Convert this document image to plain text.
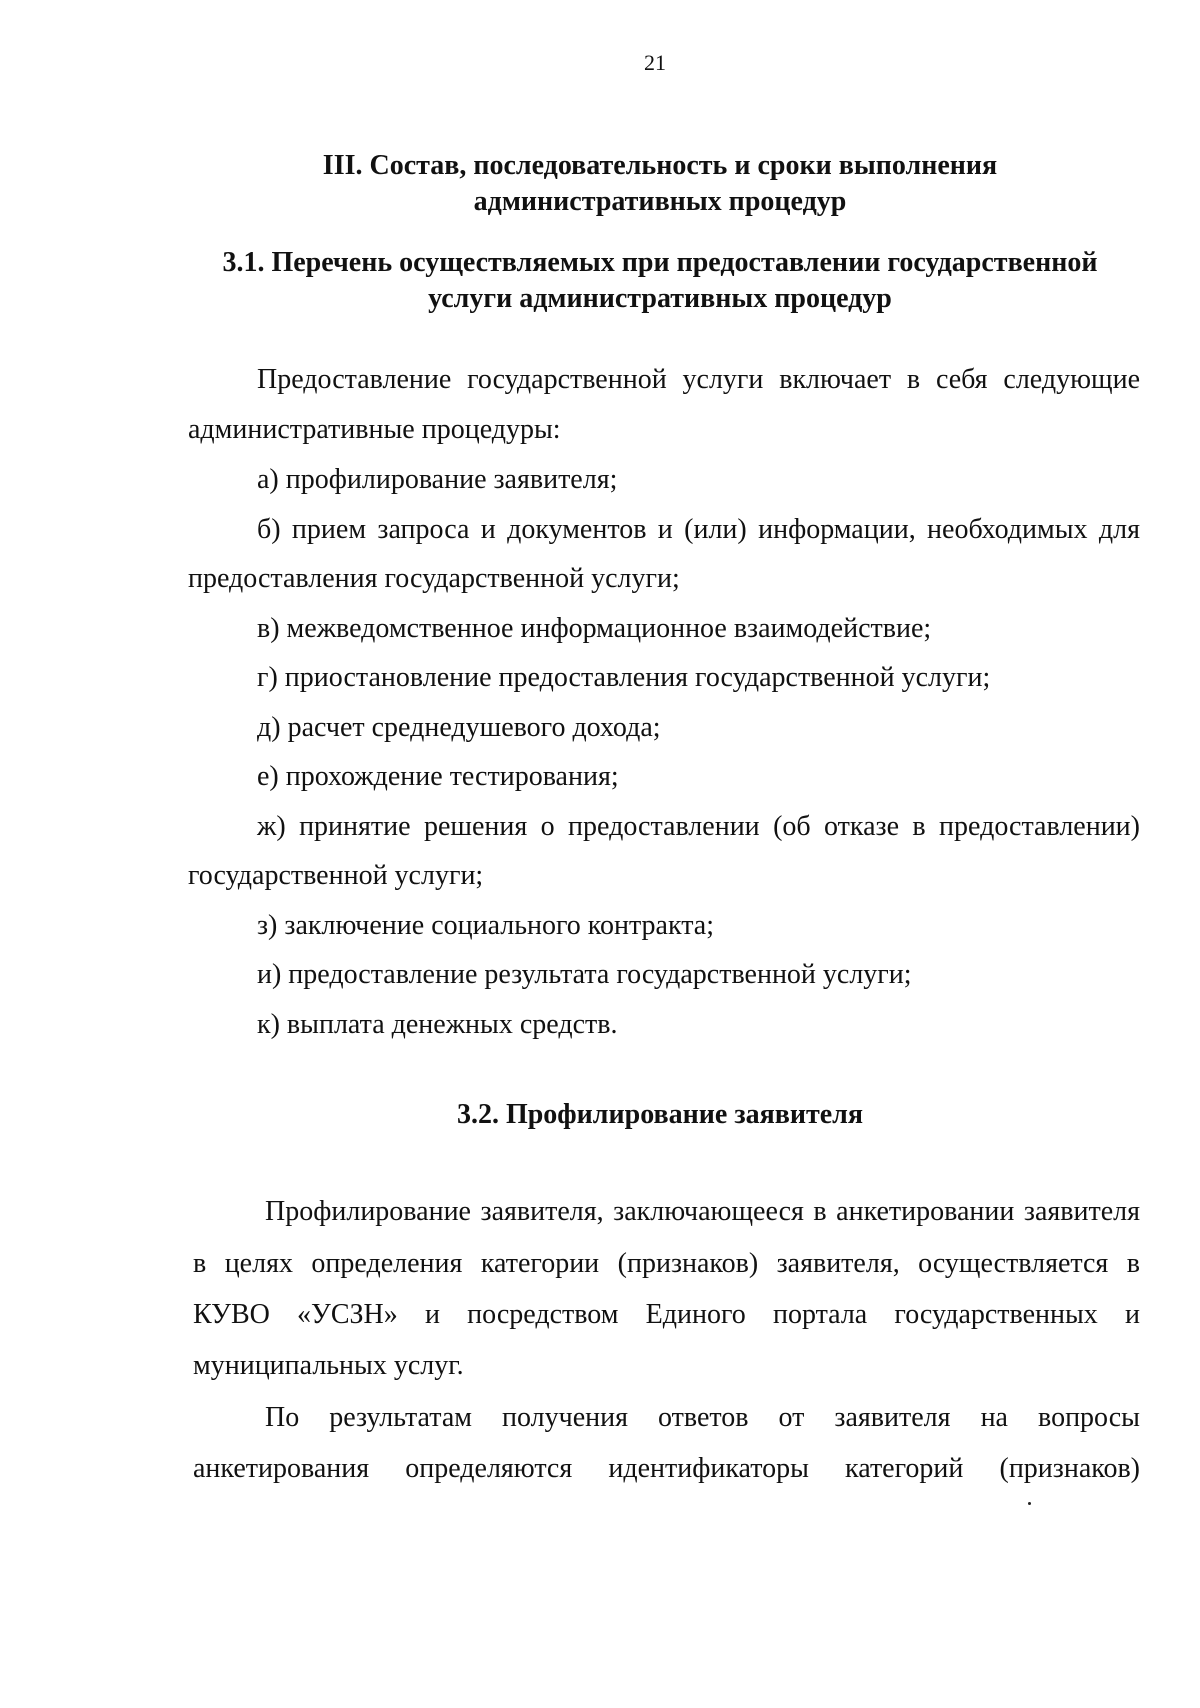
21
III. Состав, последовательность и сроки выполнения
административных процедур
3.1. Перечень осуществляемых при предоставлении государственной
услуги административных процедур
Предоставление государственной услуги включает в себя следующие
административные процедуры:
а) профилирование заявителя;
б) прием запроса и документов и (или) информации, необходимых для
предоставления государственной услуги;
в) межведомственное информационное взаимодействие;
г) приостановление предоставления государственной услуги;
д) расчет среднедушевого дохода;
е) прохождение тестирования;
ж) принятие решения о предоставлении (об отказе в предоставлении)
государственной услуги;
з) заключение социального контракта;
и) предоставление результата государственной услуги;
к) выплата денежных средств.
3.2. Профилирование заявителя
Профилирование заявителя, заключающееся в анкетировании заявителя
в целях определения категории (признаков) заявителя, осуществляется в
КУВО «УСЗН» и посредством Единого портала государственных и
муниципальных услуг.
По результатам получения ответов от заявителя на вопросы
анкетирования определяются идентификаторы категорий (признаков)
